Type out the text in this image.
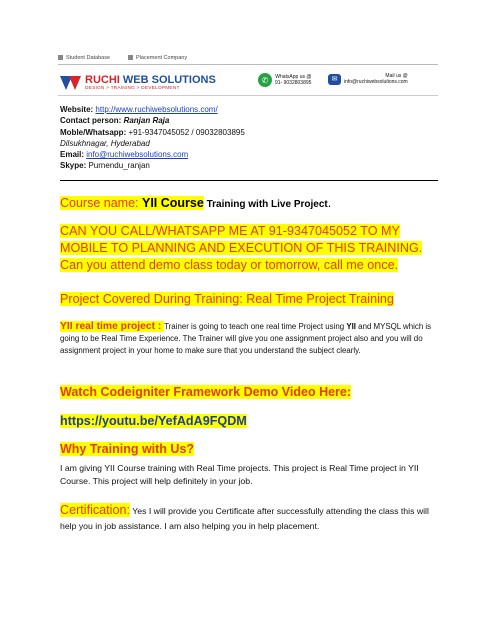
Student Database	Placement Company
RUCHI WEB SOLUTIONS
DESIGN > TRAINING > DEVELOPMENT
✆	WhatsApp us @
91- 9032803895	✉	Mail us @
info@ruchiwebsolutions.com
Website: http://www.ruchiwebsolutions.com/
Contact person: Ranjan Raja
Moble/Whatsapp: +91-9347045052 / 09032803895
Dilsukhnagar, Hyderabad
Email: info@ruchiwebsolutions.com
Skype: Purnendu_ranjan
Course name: YII Course Training with Live Project.
CAN YOU CALL/WHATSAPP ME AT 91-9347045052 TO MY MOBILE TO PLANNING AND EXECUTION OF THIS TRAINING. Can you attend demo class today or tomorrow, call me once.
Project Covered During Training: Real Time Project Training
YII real time project : Trainer is going to teach one real time Project using YII and MYSQL which is going to be Real Time Experience. The Trainer will give you one assignment project also and you will do assignment project in your home to make sure that you understand the subject clearly.
Watch Codeigniter Framework Demo Video Here:
https://youtu.be/YefAdA9FQDM
Why Training with Us?
I am giving YII Course training with Real Time projects. This project is Real Time project in YII Course. This project will help definitely in your job.
Certification: Yes I will provide you Certificate after successfully attending the class this will help you in job assistance. I am also helping you in help placement.
